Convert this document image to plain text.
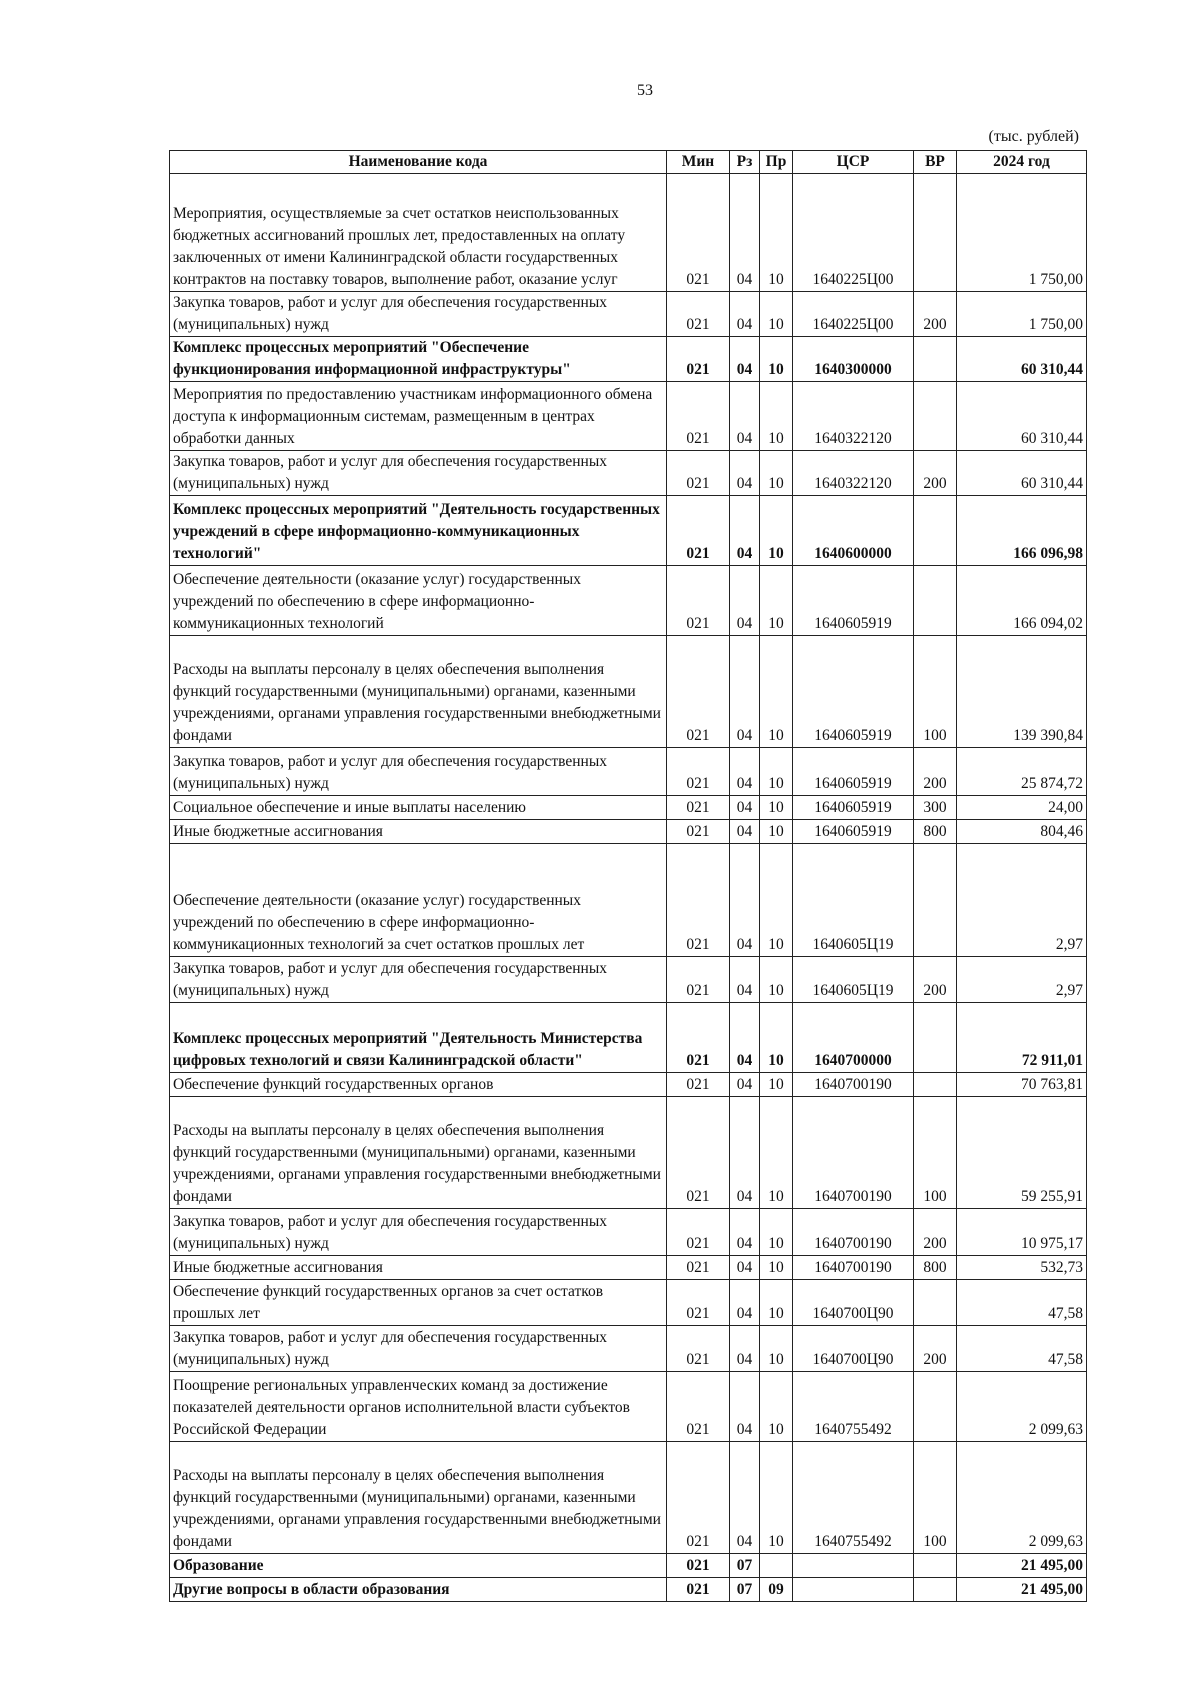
53
(тыс. рублей)
Наименование кода	Мин	Рз	Пр	ЦСР	ВР	2024 год
Мероприятия, осуществляемые за счет остатков неиспользованных бюджетных ассигнований прошлых лет, предоставленных на оплату заключенных от имени Калининградской области государственных контрактов на поставку товаров, выполнение работ, оказание услуг	021	04	10	1640225Ц00		1 750,00
Закупка товаров, работ и услуг для обеспечения государственных (муниципальных) нужд	021	04	10	1640225Ц00	200	1 750,00
Комплекс процессных мероприятий "Обеспечение функционирования информационной инфраструктуры"	021	04	10	1640300000		60 310,44
Мероприятия по предоставлению участникам информационного обмена доступа к информационным системам, размещенным в центрах обработки данных	021	04	10	1640322120		60 310,44
Закупка товаров, работ и услуг для обеспечения государственных (муниципальных) нужд	021	04	10	1640322120	200	60 310,44
Комплекс процессных мероприятий "Деятельность государственных учреждений в сфере информационно-коммуникационных технологий"	021	04	10	1640600000		166 096,98
Обеспечение деятельности (оказание услуг) государственных учреждений по обеспечению в сфере информационно-коммуникационных технологий	021	04	10	1640605919		166 094,02
Расходы на выплаты персоналу в целях обеспечения выполнения функций государственными (муниципальными) органами, казенными учреждениями, органами управления государственными внебюджетными фондами	021	04	10	1640605919	100	139 390,84
Закупка товаров, работ и услуг для обеспечения государственных (муниципальных) нужд	021	04	10	1640605919	200	25 874,72
Социальное обеспечение и иные выплаты населению	021	04	10	1640605919	300	24,00
Иные бюджетные ассигнования	021	04	10	1640605919	800	804,46
Обеспечение деятельности (оказание услуг) государственных учреждений по обеспечению в сфере информационно-коммуникационных технологий за счет остатков прошлых лет	021	04	10	1640605Ц19		2,97
Закупка товаров, работ и услуг для обеспечения государственных (муниципальных) нужд	021	04	10	1640605Ц19	200	2,97
Комплекс процессных мероприятий "Деятельность Министерства цифровых технологий и связи Калининградской области"	021	04	10	1640700000		72 911,01
Обеспечение функций государственных органов	021	04	10	1640700190		70 763,81
Расходы на выплаты персоналу в целях обеспечения выполнения функций государственными (муниципальными) органами, казенными учреждениями, органами управления государственными внебюджетными фондами	021	04	10	1640700190	100	59 255,91
Закупка товаров, работ и услуг для обеспечения государственных (муниципальных) нужд	021	04	10	1640700190	200	10 975,17
Иные бюджетные ассигнования	021	04	10	1640700190	800	532,73
Обеспечение функций государственных органов за счет остатков прошлых лет	021	04	10	1640700Ц90		47,58
Закупка товаров, работ и услуг для обеспечения государственных (муниципальных) нужд	021	04	10	1640700Ц90	200	47,58
Поощрение региональных управленческих команд за достижение показателей деятельности органов исполнительной власти субъектов Российской Федерации	021	04	10	1640755492		2 099,63
Расходы на выплаты персоналу в целях обеспечения выполнения функций государственными (муниципальными) органами, казенными учреждениями, органами управления государственными внебюджетными фондами	021	04	10	1640755492	100	2 099,63
Образование	021	07				21 495,00
Другие вопросы в области образования	021	07	09			21 495,00
